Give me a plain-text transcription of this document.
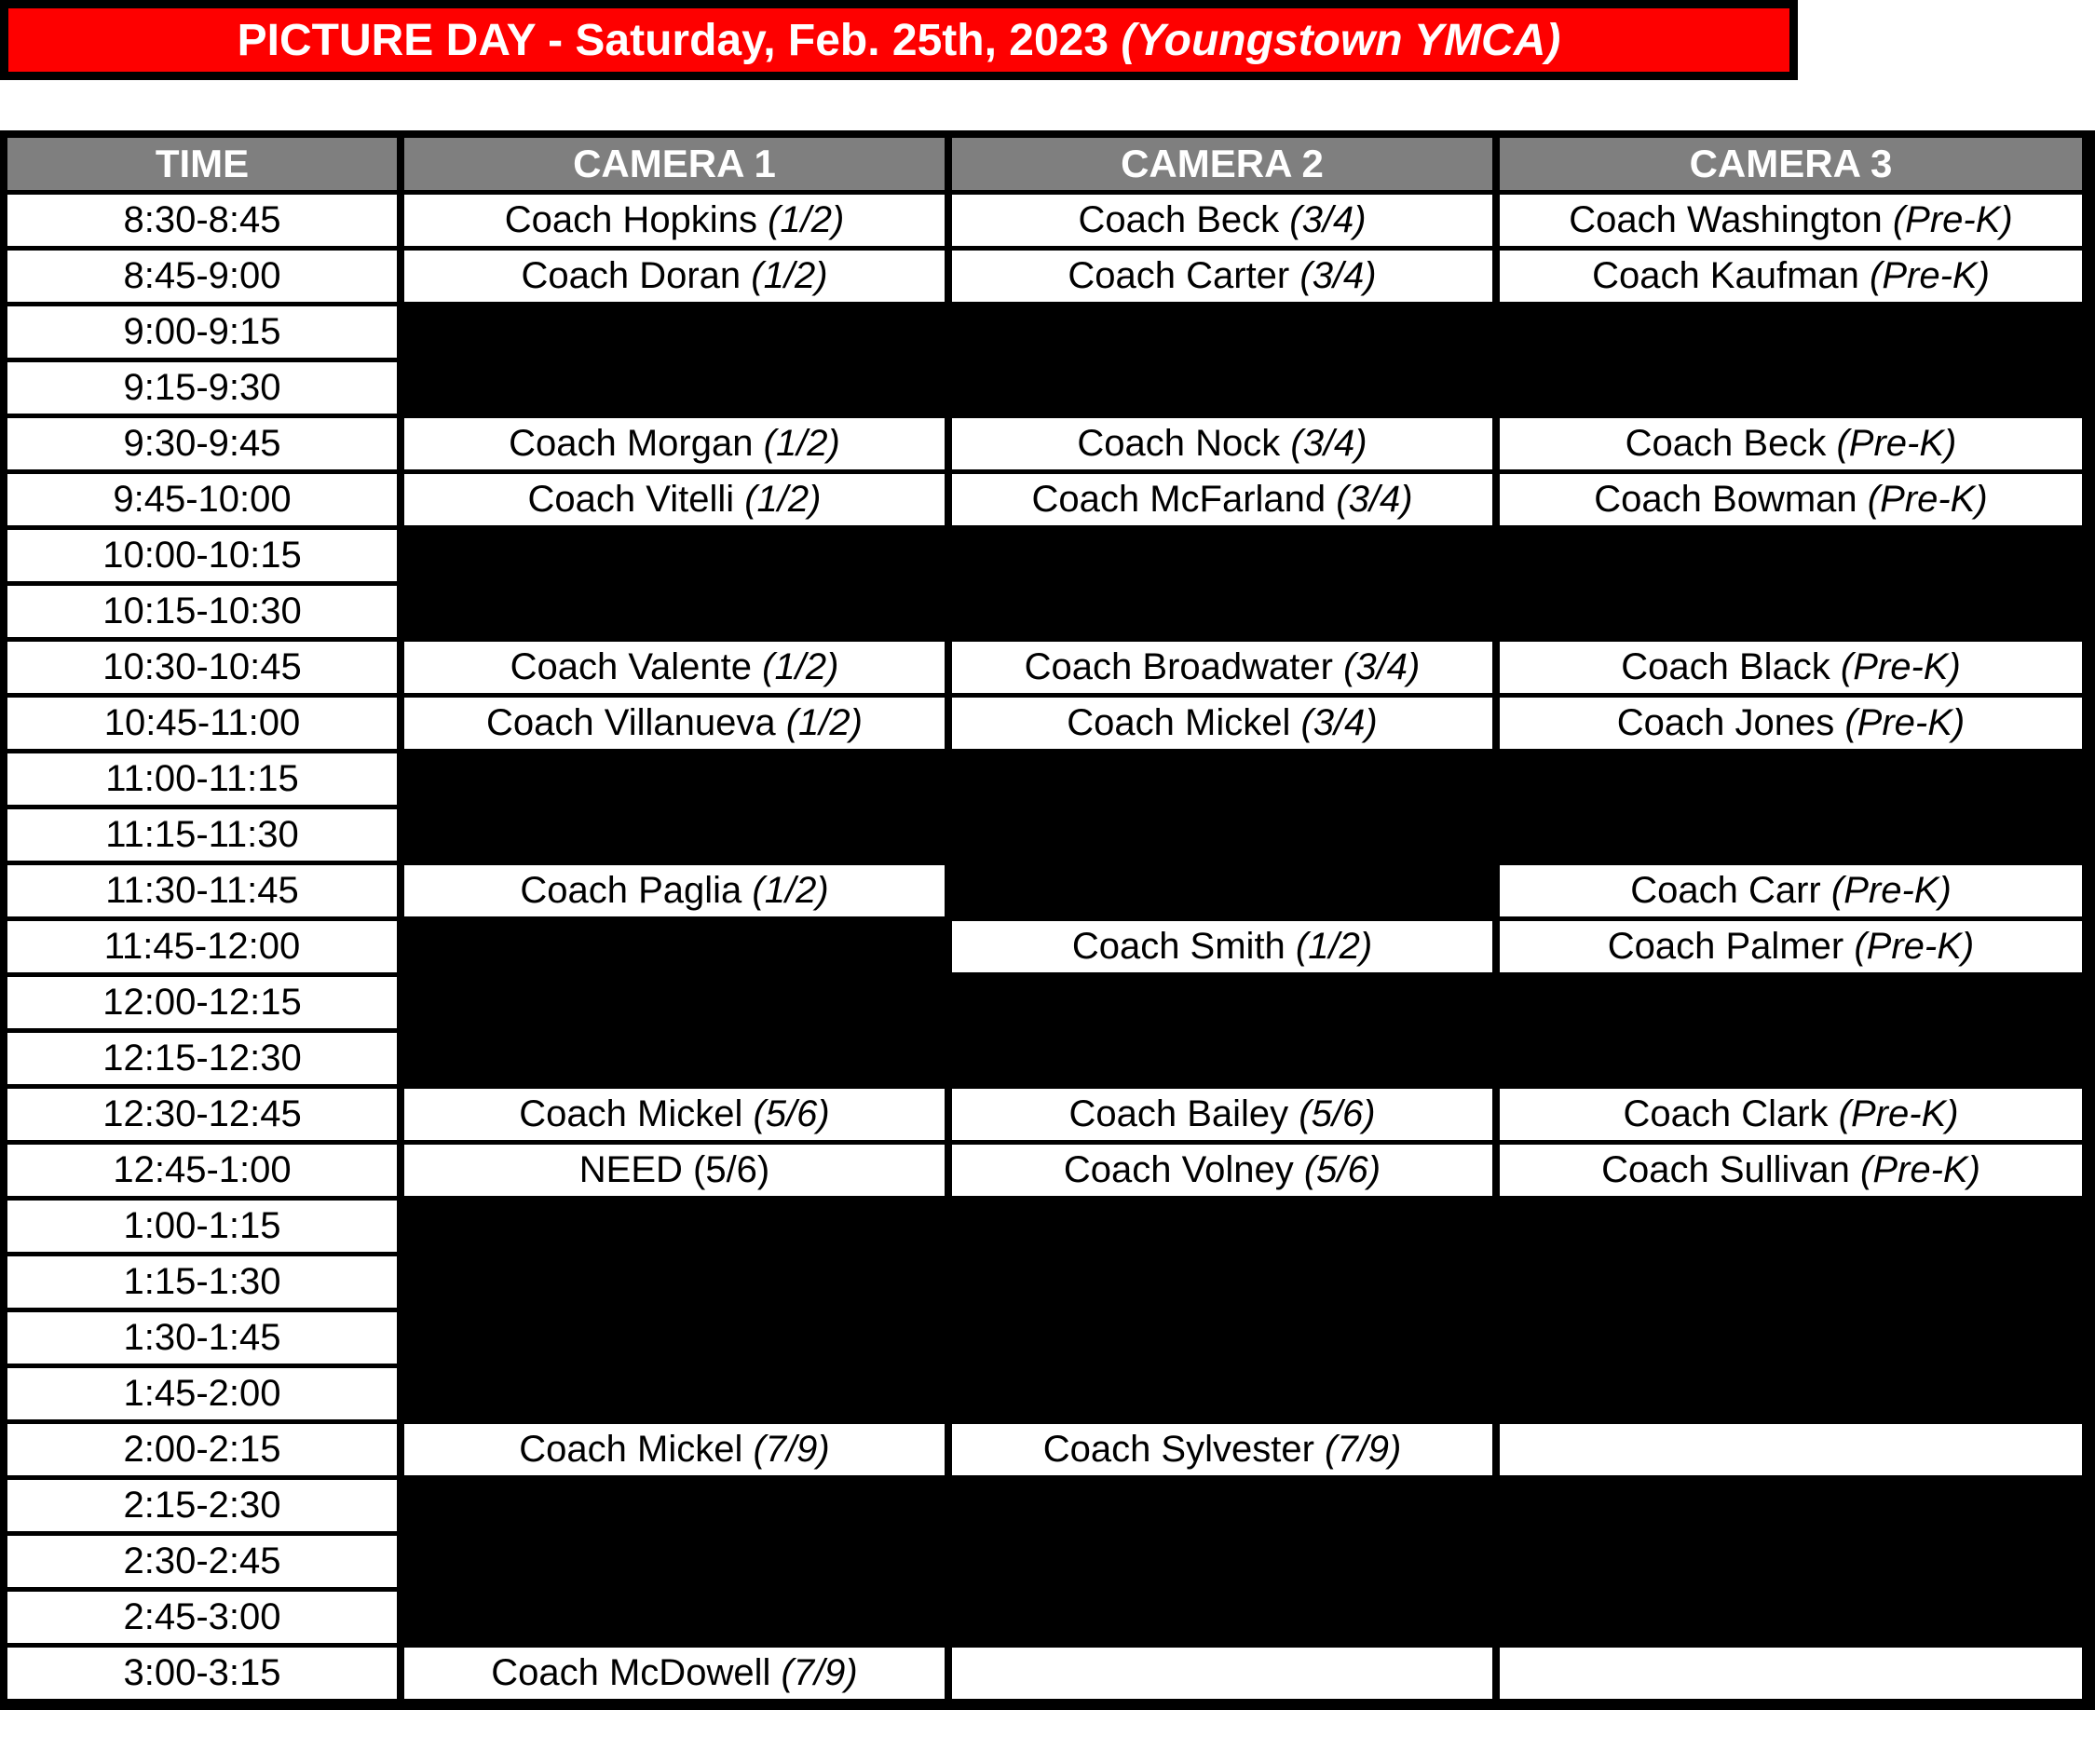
PICTURE DAY - Saturday, Feb. 25th, 2023
(Youngstown YMCA)
TIME	CAMERA 1	CAMERA 2	CAMERA 3
8:30-8:45	Coach Hopkins (1/2)	Coach Beck (3/4)	Coach Washington (Pre-K)
8:45-9:00	Coach Doran (1/2)	Coach Carter (3/4)	Coach Kaufman (Pre-K)
9:00-9:15			
9:15-9:30			
9:30-9:45	Coach Morgan (1/2)	Coach Nock (3/4)	Coach Beck (Pre-K)
9:45-10:00	Coach Vitelli (1/2)	Coach McFarland (3/4)	Coach Bowman (Pre-K)
10:00-10:15			
10:15-10:30			
10:30-10:45	Coach Valente (1/2)	Coach Broadwater (3/4)	Coach Black (Pre-K)
10:45-11:00	Coach Villanueva (1/2)	Coach Mickel (3/4)	Coach Jones (Pre-K)
11:00-11:15			
11:15-11:30			
11:30-11:45	Coach Paglia (1/2)		Coach Carr (Pre-K)
11:45-12:00		Coach Smith (1/2)	Coach Palmer (Pre-K)
12:00-12:15			
12:15-12:30			
12:30-12:45	Coach Mickel (5/6)	Coach Bailey (5/6)	Coach Clark (Pre-K)
12:45-1:00	NEED (5/6)	Coach Volney (5/6)	Coach Sullivan (Pre-K)
1:00-1:15			
1:15-1:30			
1:30-1:45			
1:45-2:00			
2:00-2:15	Coach Mickel (7/9)	Coach Sylvester (7/9)	
2:15-2:30			
2:30-2:45			
2:45-3:00			
3:00-3:15	Coach McDowell (7/9)		
